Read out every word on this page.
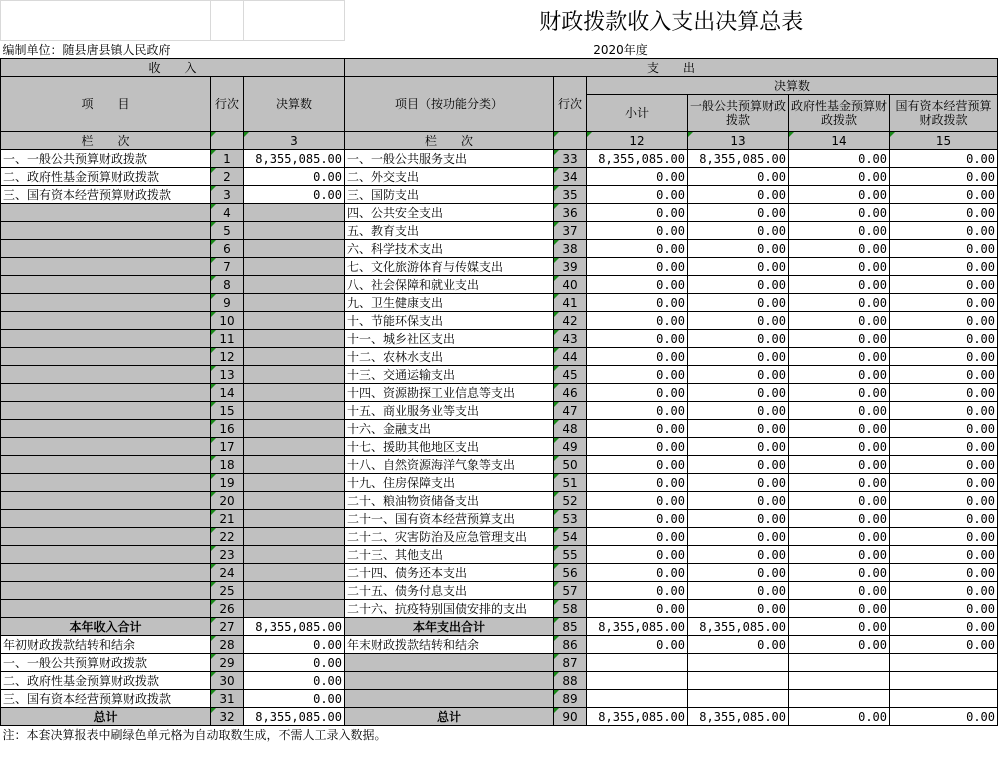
			财政拨款收入支出决算总表					
编制单位：随县唐县镇人民政府				2020年度				
收　　入			支　　出					
项　　目	行次	决算数	项目（按功能分类）	行次	决算数			
					小计	一般公共预算财政拨款	政府性基金预算财政拨款	国有资本经营预算财政拨款

栏　　次		3	栏　　次		12	13	14	15
一、一般公共预算财政拨款	1	8,355,085.00	一、一般公共服务支出	33	8,355,085.00	8,355,085.00	0.00	0.00
二、政府性基金预算财政拨款	2	0.00	二、外交支出	34	0.00	0.00	0.00	0.00
三、国有资本经营预算财政拨款	3	0.00	三、国防支出	35	0.00	0.00	0.00	0.00
	4		四、公共安全支出	36	0.00	0.00	0.00	0.00
	5		五、教育支出	37	0.00	0.00	0.00	0.00
	6		六、科学技术支出	38	0.00	0.00	0.00	0.00
	7		七、文化旅游体育与传媒支出	39	0.00	0.00	0.00	0.00
	8		八、社会保障和就业支出	40	0.00	0.00	0.00	0.00
	9		九、卫生健康支出	41	0.00	0.00	0.00	0.00
	10		十、节能环保支出	42	0.00	0.00	0.00	0.00
	11		十一、城乡社区支出	43	0.00	0.00	0.00	0.00
	12		十二、农林水支出	44	0.00	0.00	0.00	0.00
	13		十三、交通运输支出	45	0.00	0.00	0.00	0.00
	14		十四、资源勘探工业信息等支出	46	0.00	0.00	0.00	0.00
	15		十五、商业服务业等支出	47	0.00	0.00	0.00	0.00
	16		十六、金融支出	48	0.00	0.00	0.00	0.00
	17		十七、援助其他地区支出	49	0.00	0.00	0.00	0.00
	18		十八、自然资源海洋气象等支出	50	0.00	0.00	0.00	0.00
	19		十九、住房保障支出	51	0.00	0.00	0.00	0.00
	20		二十、粮油物资储备支出	52	0.00	0.00	0.00	0.00
	21		二十一、国有资本经营预算支出	53	0.00	0.00	0.00	0.00
	22		二十二、灾害防治及应急管理支出	54	0.00	0.00	0.00	0.00
	23		二十三、其他支出	55	0.00	0.00	0.00	0.00
	24		二十四、债务还本支出	56	0.00	0.00	0.00	0.00
	25		二十五、债务付息支出	57	0.00	0.00	0.00	0.00
	26		二十六、抗疫特别国债安排的支出	58	0.00	0.00	0.00	0.00
本年收入合计	27	8,355,085.00	本年支出合计	85	8,355,085.00	8,355,085.00	0.00	0.00
年初财政拨款结转和结余	28	0.00	年末财政拨款结转和结余	86	0.00	0.00	0.00	0.00
一、一般公共预算财政拨款	29	0.00		87				
二、政府性基金预算财政拨款	30	0.00		88				
三、国有资本经营预算财政拨款	31	0.00		89				
总计	32	8,355,085.00	总计	90	8,355,085.00	8,355,085.00	0.00	0.00
注：本套决算报表中刷绿色单元格为自动取数生成，不需人工录入数据。								
